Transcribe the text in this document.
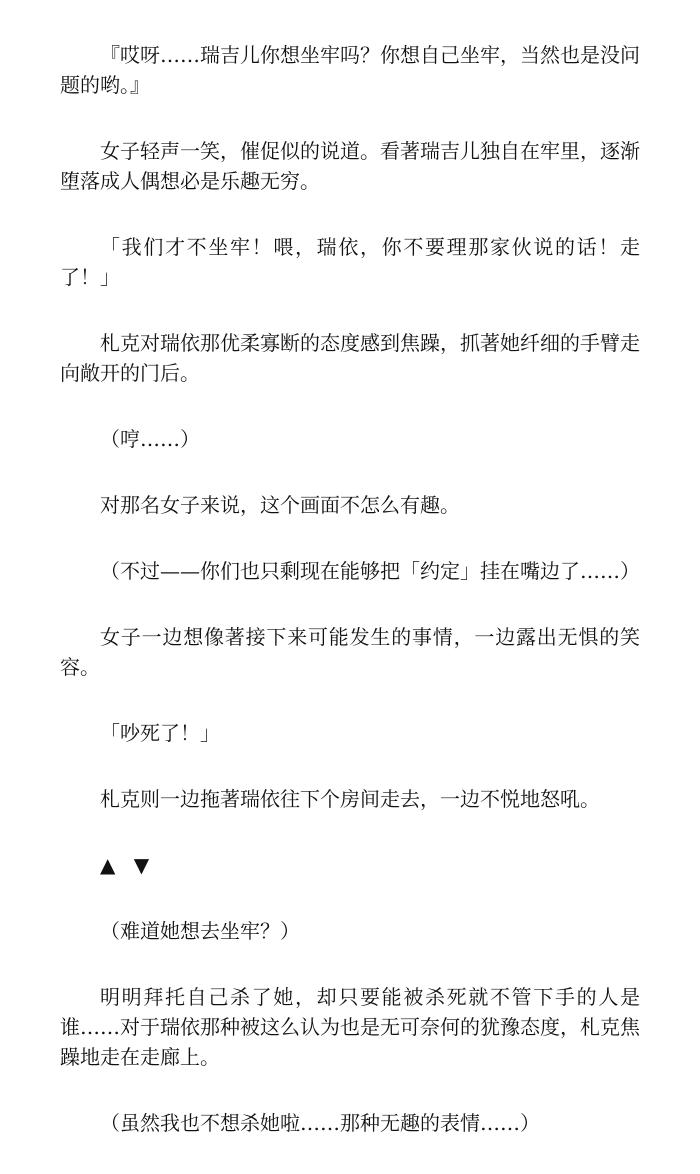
『哎呀……瑞吉儿你想坐牢吗？你想自己坐牢，当然也是没问题的哟。』

女子轻声一笑，催促似的说道。看著瑞吉儿独自在牢里，逐渐堕落成人偶想必是乐趣无穷。

「我们才不坐牢！喂，瑞依，你不要理那家伙说的话！走了！」

札克对瑞依那优柔寡断的态度感到焦躁，抓著她纤细的手臂走向敞开的门后。

（哼……）

对那名女子来说，这个画面不怎么有趣。

（不过——你们也只剩现在能够把「约定」挂在嘴边了……）

女子一边想像著接下来可能发生的事情，一边露出无惧的笑容。

「吵死了！」

札克则一边拖著瑞依往下个房间走去，一边不悦地怒吼。

▲ ▼

（难道她想去坐牢？）

明明拜托自己杀了她，却只要能被杀死就不管下手的人是谁……对于瑞依那种被这么认为也是无可奈何的犹豫态度，札克焦躁地走在走廊上。

（虽然我也不想杀她啦……那种无趣的表情……）
